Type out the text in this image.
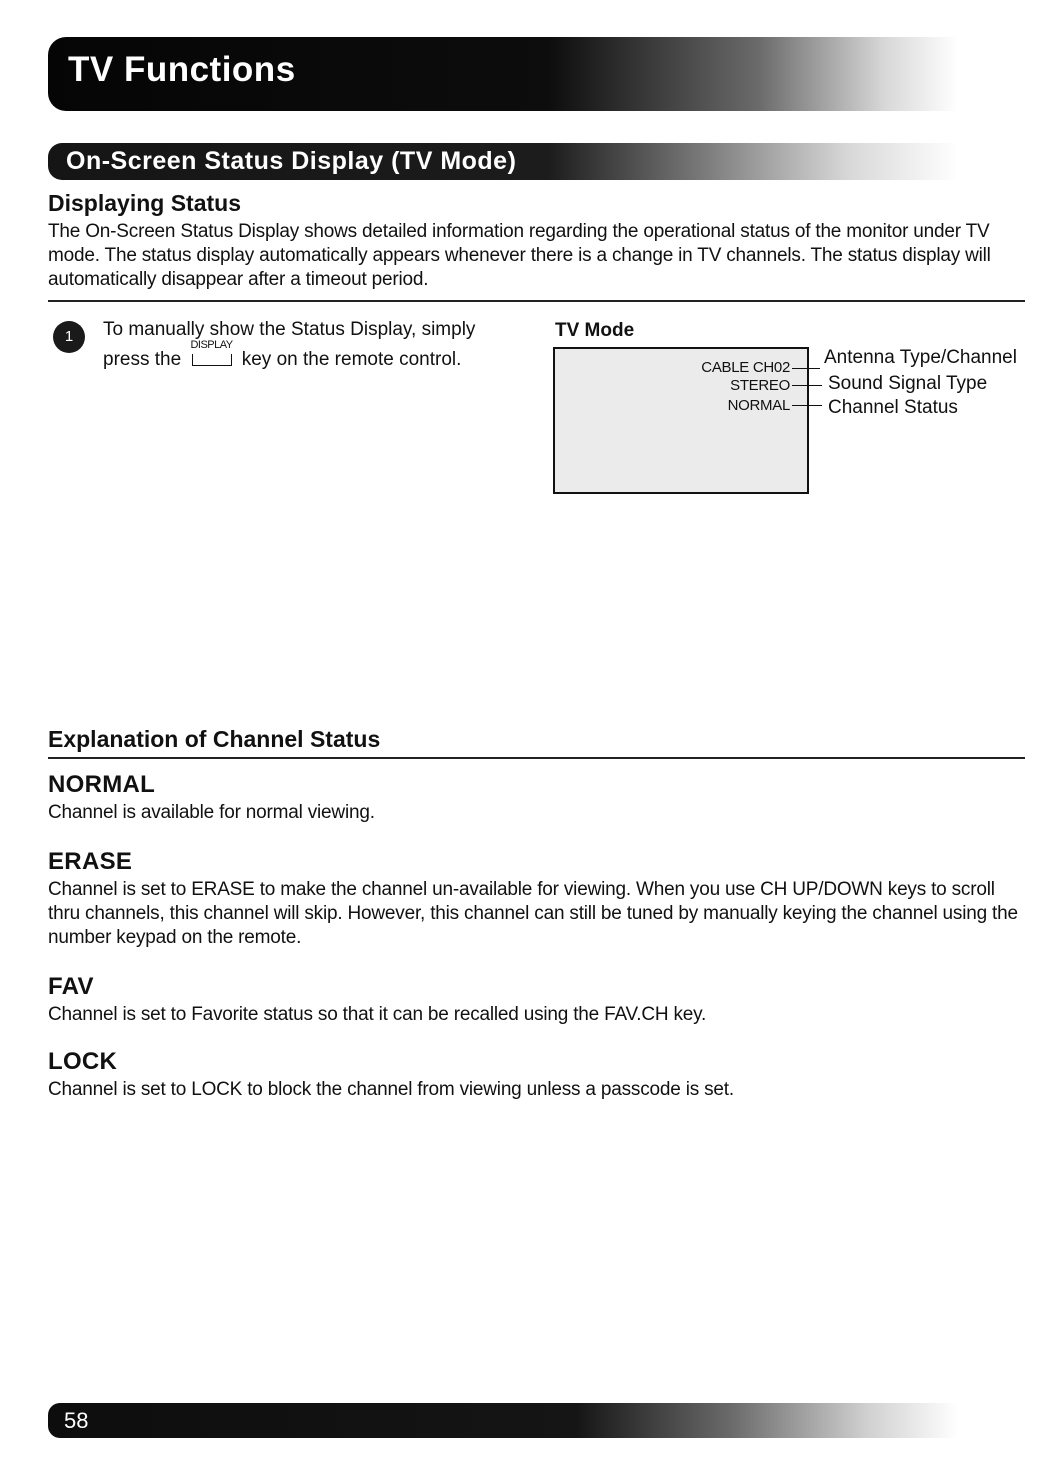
TV Functions
On-Screen Status Display (TV Mode)
Displaying Status

The On-Screen Status Display shows detailed information regarding the operational status of the monitor under TV mode. The status display automatically appears whenever there is a change in TV channels. The status display will automatically disappear after a timeout period.

1	To manually show the Status Display, simply

press the
DISPLAY
key on the remote control.
TV Mode
CABLE CH02
STEREO
NORMAL
Antenna Type/Channel
Sound Signal Type
Channel Status
Explanation of Channel Status
NORMAL

Channel is available for normal viewing.

ERASE

Channel is set to ERASE to make the channel un-available for viewing. When you use CH UP/DOWN keys to scroll thru channels, this channel will skip. However, this channel can still be tuned by manually keying the channel using the number keypad on the remote.

FAV

Channel is set to Favorite status so that it can be recalled using the FAV.CH key.

LOCK

Channel is set to LOCK to block the channel from viewing unless a passcode is set.

58
